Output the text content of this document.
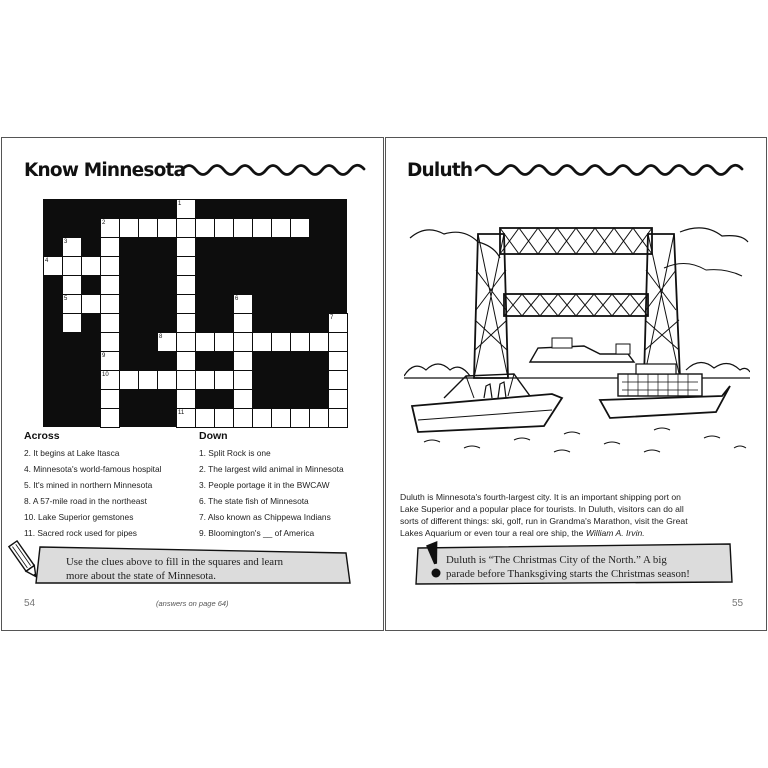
Know Minnesota
1
2
3
4
5	6
7
8
9
10
11
Across
2. It begins at Lake Itasca
4. Minnesota's world-famous hospital
5. It's mined in northern Minnesota
8. A 57-mile road in the northeast
10. Lake Superior gemstones
11. Sacred rock used for pipes
Down
1. Split Rock is one
2. The largest wild animal in Minnesota
3. People portage it in the BWCAW
6. The state fish of Minnesota
7. Also known as Chippewa Indians
9. Bloomington's __ of America
Use the clues above to fill in the squares and learn
more about the state of Minnesota.
54	(answers on page 64)
Duluth
Duluth is Minnesota's fourth-largest city. It is an important shipping port on
Lake Superior and a popular place for tourists. In Duluth, visitors can do all
sorts of different things: ski, golf, run in Grandma's Marathon, visit the Great
Lakes Aquarium or even tour a real ore ship, the William A. Irvin.
Duluth is “The Christmas City of the North.” A big
parade before Thanksgiving starts the Christmas season!
55
